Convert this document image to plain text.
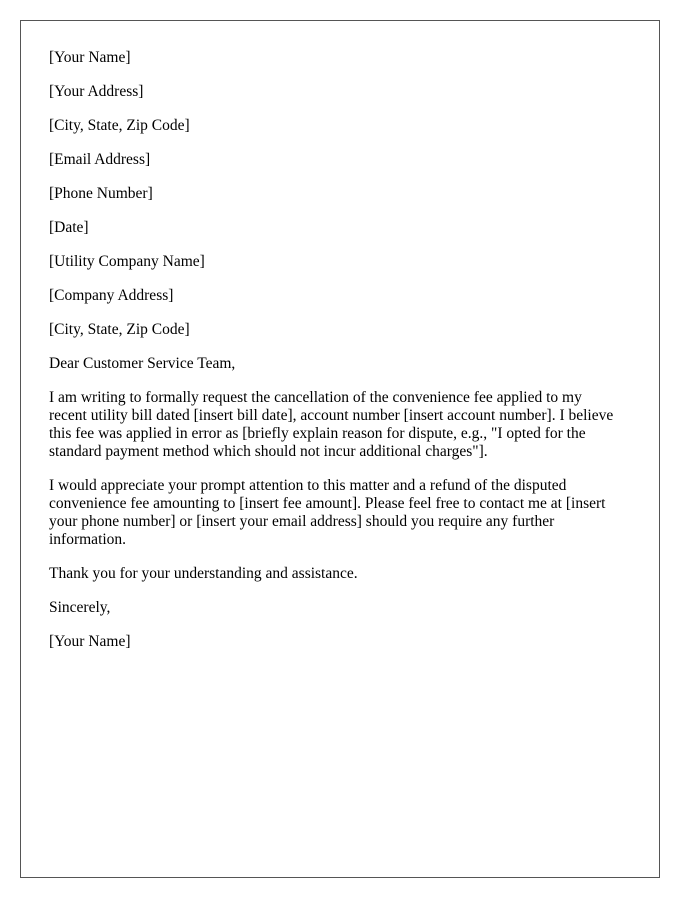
[Your Name]

[Your Address]

[City, State, Zip Code]

[Email Address]

[Phone Number]

[Date]

[Utility Company Name]

[Company Address]

[City, State, Zip Code]

Dear Customer Service Team,

I am writing to formally request the cancellation of the convenience fee applied to my
recent utility bill dated [insert bill date], account number [insert account number]. I believe
this fee was applied in error as [briefly explain reason for dispute, e.g., "I opted for the
standard payment method which should not incur additional charges"].

I would appreciate your prompt attention to this matter and a refund of the disputed
convenience fee amounting to [insert fee amount]. Please feel free to contact me at [insert
your phone number] or [insert your email address] should you require any further
information.

Thank you for your understanding and assistance.

Sincerely,

[Your Name]
